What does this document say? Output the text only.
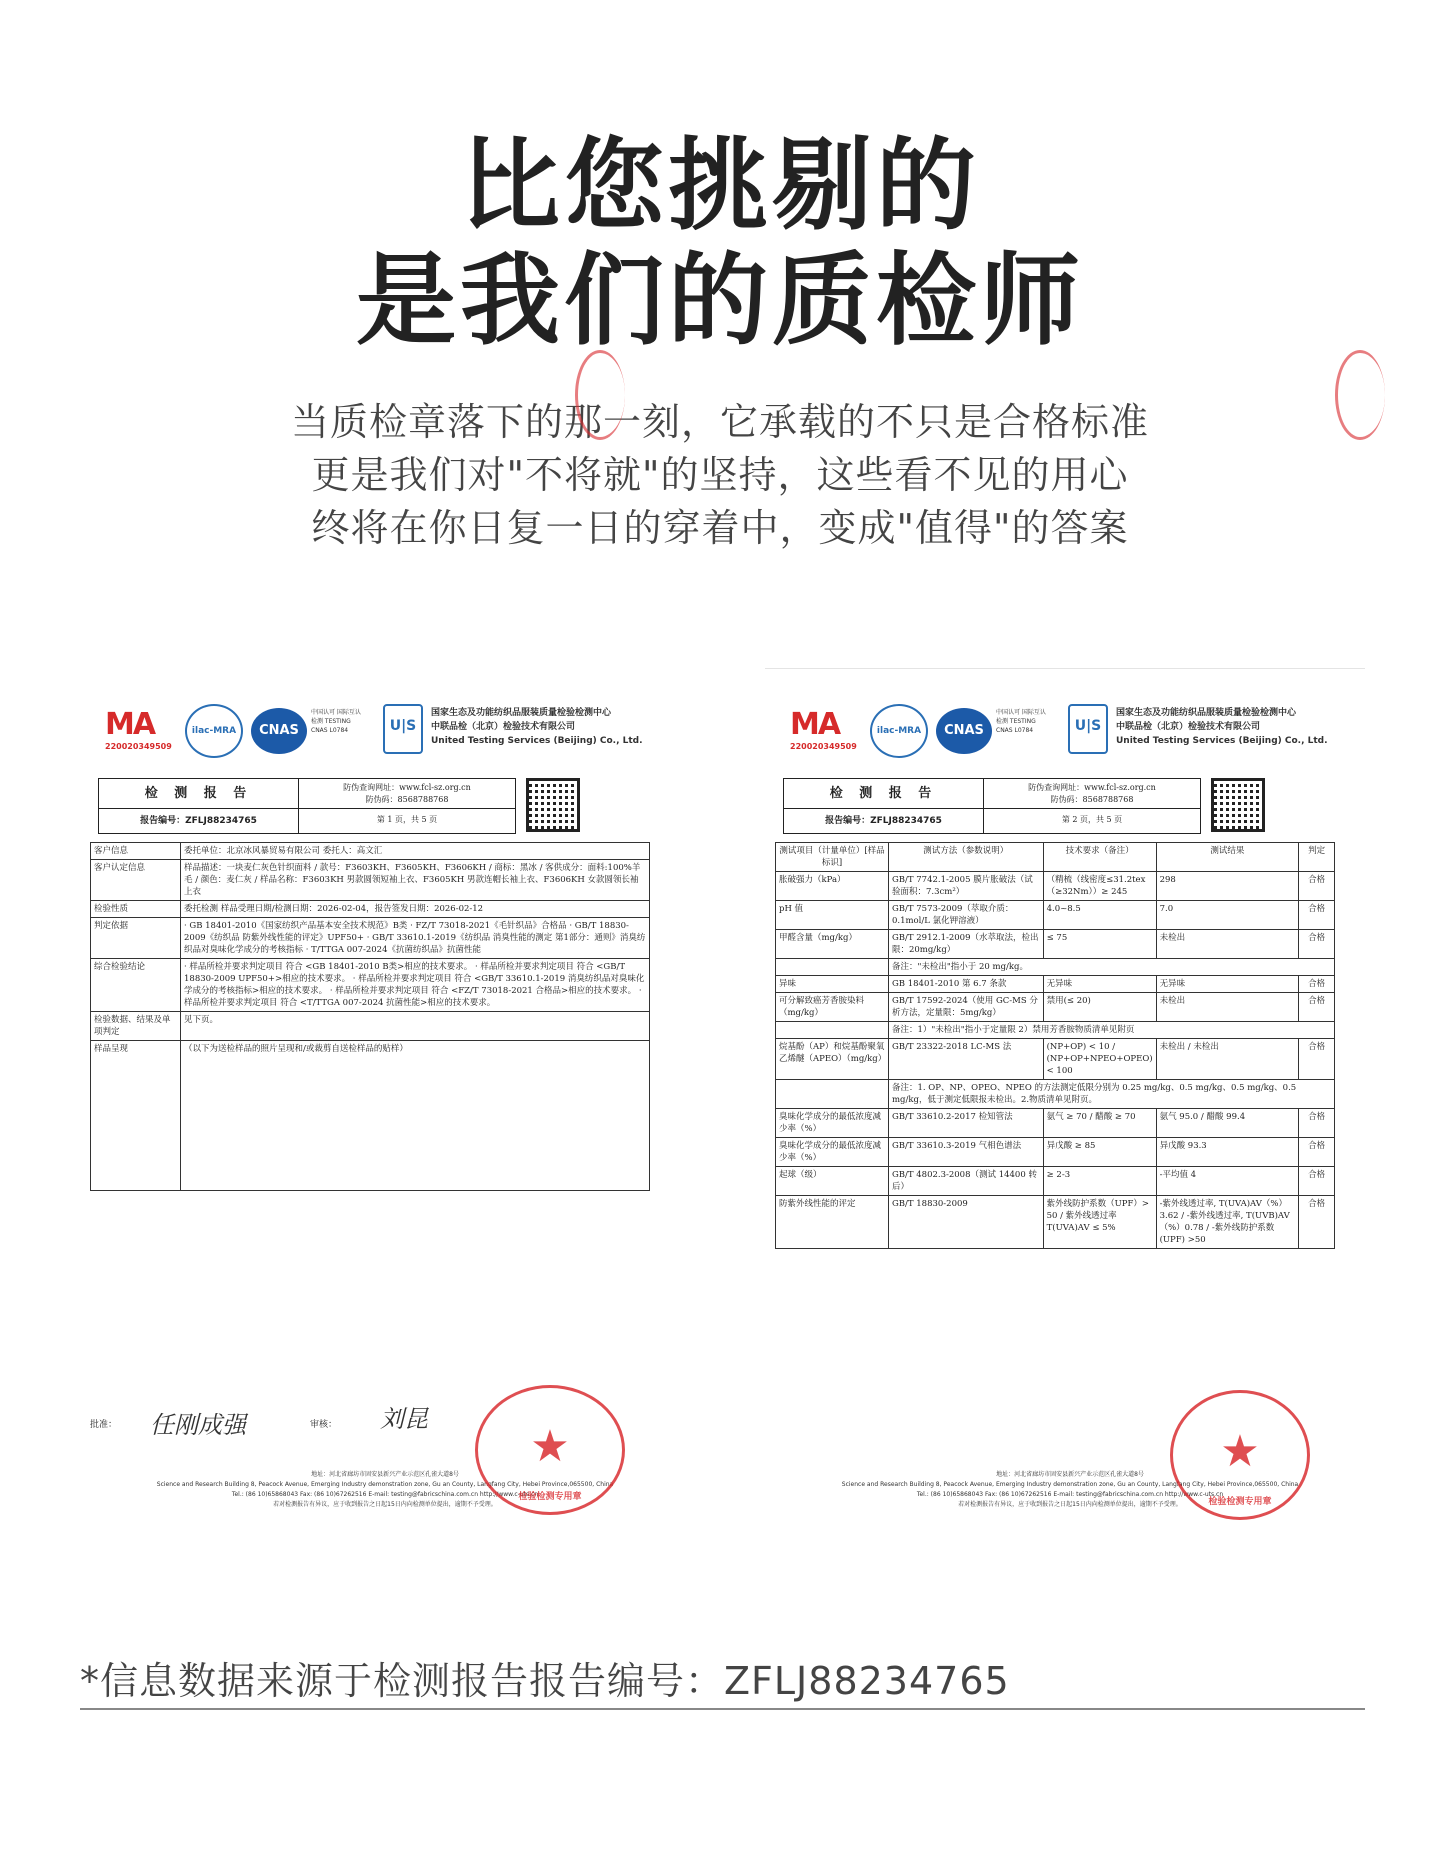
比您挑剔的
是我们的质检师
当质检章落下的那一刻，它承载的不只是合格标准
更是我们对"不将就"的坚持，这些看不见的用心
终将在你日复一日的穿着中，变成"值得"的答案
MA
220020349509
ilac-MRA	CNAS
中国认可 国际互认 检测 TESTING CNAS L0784	U|S
国家生态及功能纺织品服装质量检验检测中心
中联品检（北京）检验技术有限公司
United Testing Services (Beijing) Co., Ltd.
检 测 报 告	防伪查询网址：www.fcl-sz.org.cn
防伪码：8568788768
报告编号：ZFLJ88234765	第 1 页，共 5 页
客户信息	委托单位：北京冰风暴贸易有限公司 委托人：高文汇
客户认定信息	样品描述：一块麦仁灰色针织面料 / 款号：F3603KH、F3605KH、F3606KH / 商标：黑冰 / 客供成分：面料:100%羊毛 / 颜色：麦仁灰 / 样品名称：F3603KH 男款圆领短袖上衣、F3605KH 男款连帽长袖上衣、F3606KH 女款圆领长袖上衣
检验性质	委托检测 样品受理日期/检测日期：2026-02-04，报告签发日期：2026-02-12
判定依据	· GB 18401-2010《国家纺织产品基本安全技术规范》B类 · FZ/T 73018-2021《毛针织品》合格品 · GB/T 18830-2009《纺织品 防紫外线性能的评定》UPF50+ · GB/T 33610.1-2019《纺织品 消臭性能的测定 第1部分：通则》消臭纺织品对臭味化学成分的考核指标 · T/TTGA 007-2024《抗菌纺织品》抗菌性能
综合检验结论	· 样品所检并要求判定项目 符合 <GB 18401-2010 B类>相应的技术要求。 · 样品所检并要求判定项目 符合 <GB/T 18830-2009 UPF50+>相应的技术要求。 · 样品所检并要求判定项目 符合 <GB/T 33610.1-2019 消臭纺织品对臭味化学成分的考核指标>相应的技术要求。 · 样品所检并要求判定项目 符合 <FZ/T 73018-2021 合格品>相应的技术要求。 · 样品所检并要求判定项目 符合 <T/TTGA 007-2024 抗菌性能>相应的技术要求。
检验数据、结果及单项判定	见下页。
样品呈现	（以下为送检样品的照片呈现和/或裁剪自送检样品的贴样）
批准： 任刚成强	审核： 刘昆
地址：河北省廊坊市固安县新兴产业示范区孔雀大道8号
Science and Research Building 8, Peacock Avenue, Emerging Industry demonstration zone, Gu an County, Langfang City, Hebei Province,065500, China
Tel.: (86 10)65868043 Fax: (86 10)67262516 E-mail: testing@fabricschina.com.cn http://www.c-uts.cn
若对检测报告有异议，应于收到报告之日起15日内向检测单位提出，逾期不予受理。
★
检验检测专用章
MA
220020349509
ilac-MRA	CNAS
中国认可 国际互认 检测 TESTING CNAS L0784	U|S
国家生态及功能纺织品服装质量检验检测中心
中联品检（北京）检验技术有限公司
United Testing Services (Beijing) Co., Ltd.
检 测 报 告	防伪查询网址：www.fcl-sz.org.cn
防伪码：8568788768
报告编号：ZFLJ88234765	第 2 页，共 5 页
测试项目（计量单位）[样品标识]	测试方法（参数说明）	技术要求（备注）	测试结果	判定
胀破强力（kPa）	GB/T 7742.1-2005 膜片胀破法（试验面积：7.3cm²）	（精梳（线密度≤31.2tex（≥32Nm））≥ 245	298	合格
pH 值	GB/T 7573-2009（萃取介质：0.1mol/L 氯化钾溶液）	4.0~8.5	7.0	合格
甲醛含量（mg/kg）	GB/T 2912.1-2009（水萃取法，检出限：20mg/kg）	≤ 75	未检出	合格
	备注："未检出"指小于 20 mg/kg。			
异味	GB 18401-2010 第 6.7 条款	无异味	无异味	合格
可分解致癌芳香胺染料（mg/kg）	GB/T 17592-2024（使用 GC-MS 分析方法，定量限：5mg/kg）	禁用(≤ 20)	未检出	合格
	备注：1）"未检出"指小于定量限 2）禁用芳香胺物质清单见附页			
烷基酚（AP）和烷基酚聚氧乙烯醚（APEO）（mg/kg）	GB/T 23322-2018 LC-MS 法	(NP+OP) < 10 / (NP+OP+NPEO+OPEO) < 100	未检出 / 未检出	合格
	备注：1. OP、NP、OPEO、NPEO 的方法测定低限分别为 0.25 mg/kg、0.5 mg/kg、0.5 mg/kg、0.5 mg/kg，低于测定低限报未检出。2.物质清单见附页。			
臭味化学成分的最低浓度减少率（%）	GB/T 33610.2-2017 检知管法	氨气 ≥ 70 / 醋酸 ≥ 70	氨气 95.0 / 醋酸 99.4	合格
臭味化学成分的最低浓度减少率（%）	GB/T 33610.3-2019 气相色谱法	异戊酸 ≥ 85	异戊酸 93.3	合格
起球（级）	GB/T 4802.3-2008（测试 14400 转后）	≥ 2-3	-平均值 4	合格
防紫外线性能的评定	GB/T 18830-2009	紫外线防护系数（UPF）> 50 / 紫外线透过率 T(UVA)AV ≤ 5%	-紫外线透过率, T(UVA)AV（%）3.62 / -紫外线透过率, T(UVB)AV（%）0.78 / -紫外线防护系数(UPF) >50	合格
地址：河北省廊坊市固安县新兴产业示范区孔雀大道8号
Science and Research Building 8, Peacock Avenue, Emerging Industry demonstration zone, Gu an County, Langfang City, Hebei Province,065500, China
Tel.: (86 10)65868043 Fax: (86 10)67262516 E-mail: testing@fabricschina.com.cn http://www.c-uts.cn
若对检测报告有异议，应于收到报告之日起15日内向检测单位提出，逾期不予受理。
★
检验检测专用章
*信息数据来源于检测报告报告编号：ZFLJ88234765
